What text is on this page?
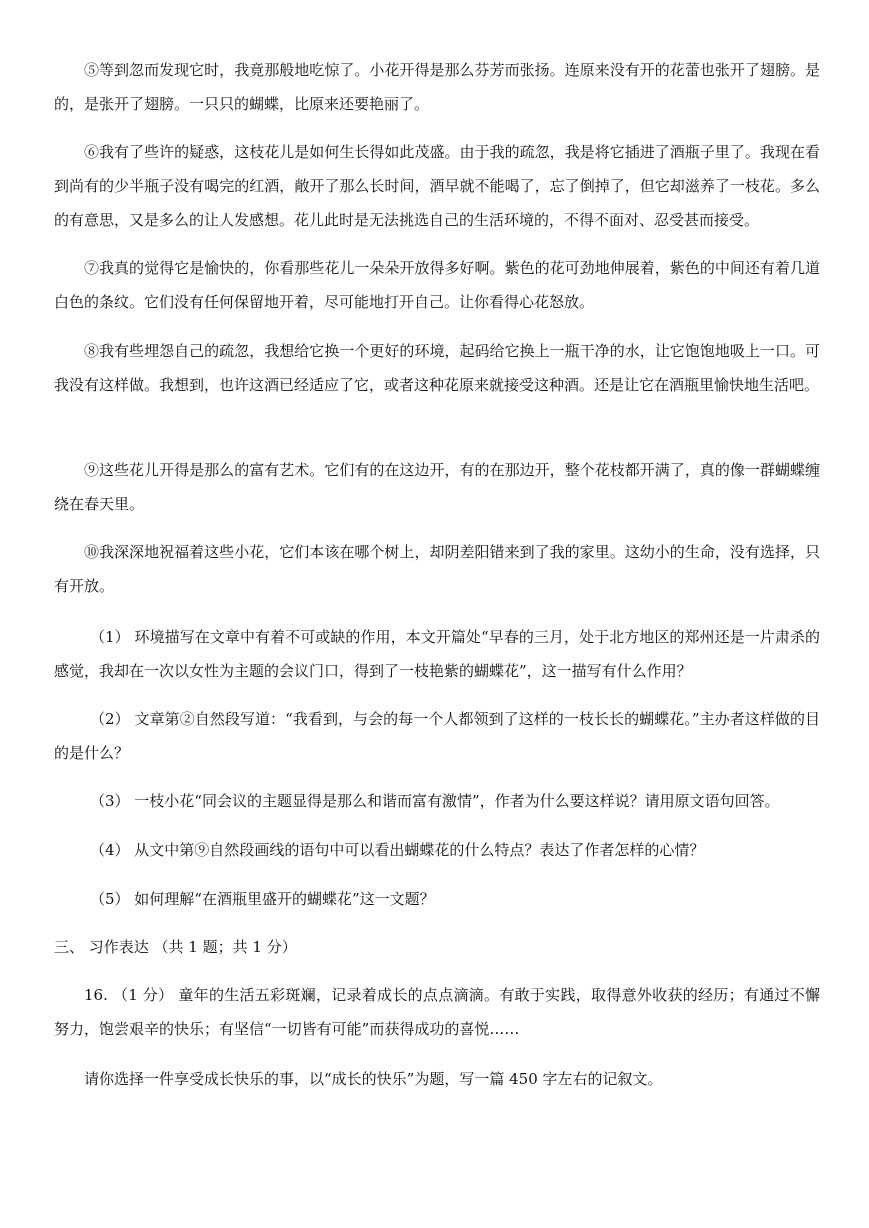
⑤等到忽而发现它时，我竟那般地吃惊了。小花开得是那么芬芳而张扬。连原来没有开的花蕾也张开了翅膀。是的，是张开了翅膀。一只只的蝴蝶，比原来还要艳丽了。

⑥我有了些许的疑惑，这枝花儿是如何生长得如此茂盛。由于我的疏忽，我是将它插进了酒瓶子里了。我现在看到尚有的少半瓶子没有喝完的红酒，敞开了那么长时间，酒早就不能喝了，忘了倒掉了，但它却滋养了一枝花。多么的有意思，又是多么的让人发感想。花儿此时是无法挑选自己的生活环境的，不得不面对、忍受甚而接受。

⑦我真的觉得它是愉快的，你看那些花儿一朵朵开放得多好啊。紫色的花可劲地伸展着，紫色的中间还有着几道白色的条纹。它们没有任何保留地开着，尽可能地打开自己。让你看得心花怒放。

⑧我有些埋怨自己的疏忽，我想给它换一个更好的环境，起码给它换上一瓶干净的水，让它饱饱地吸上一口。可我没有这样做。我想到，也许这酒已经适应了它，或者这种花原来就接受这种酒。还是让它在酒瓶里愉快地生活吧。

⑨这些花儿开得是那么的富有艺术。它们有的在这边开，有的在那边开，整个花枝都开满了，真的像一群蝴蝶缠绕在春天里。

⑩我深深地祝福着这些小花，它们本该在哪个树上，却阴差阳错来到了我的家里。这幼小的生命，没有选择，只有开放。

（1） 环境描写在文章中有着不可或缺的作用，本文开篇处“早春的三月，处于北方地区的郑州还是一片肃杀的感觉，我却在一次以女性为主题的会议门口，得到了一枝艳紫的蝴蝶花”，这一描写有什么作用？

（2） 文章第②自然段写道：“我看到，与会的每一个人都领到了这样的一枝长长的蝴蝶花。”主办者这样做的目的是什么？

（3） 一枝小花“同会议的主题显得是那么和谐而富有激情”，作者为什么要这样说？请用原文语句回答。

（4） 从文中第⑨自然段画线的语句中可以看出蝴蝶花的什么特点？表达了作者怎样的心情？

（5） 如何理解“在酒瓶里盛开的蝴蝶花”这一文题？

三、 习作表达 （共 1 题；共 1 分）

16. （1 分） 童年的生活五彩斑斓，记录着成长的点点滴滴。有敢于实践，取得意外收获的经历；有通过不懈努力，饱尝艰辛的快乐；有坚信“一切皆有可能”而获得成功的喜悦……

请你选择一件享受成长快乐的事，以“成长的快乐”为题，写一篇 450 字左右的记叙文。
